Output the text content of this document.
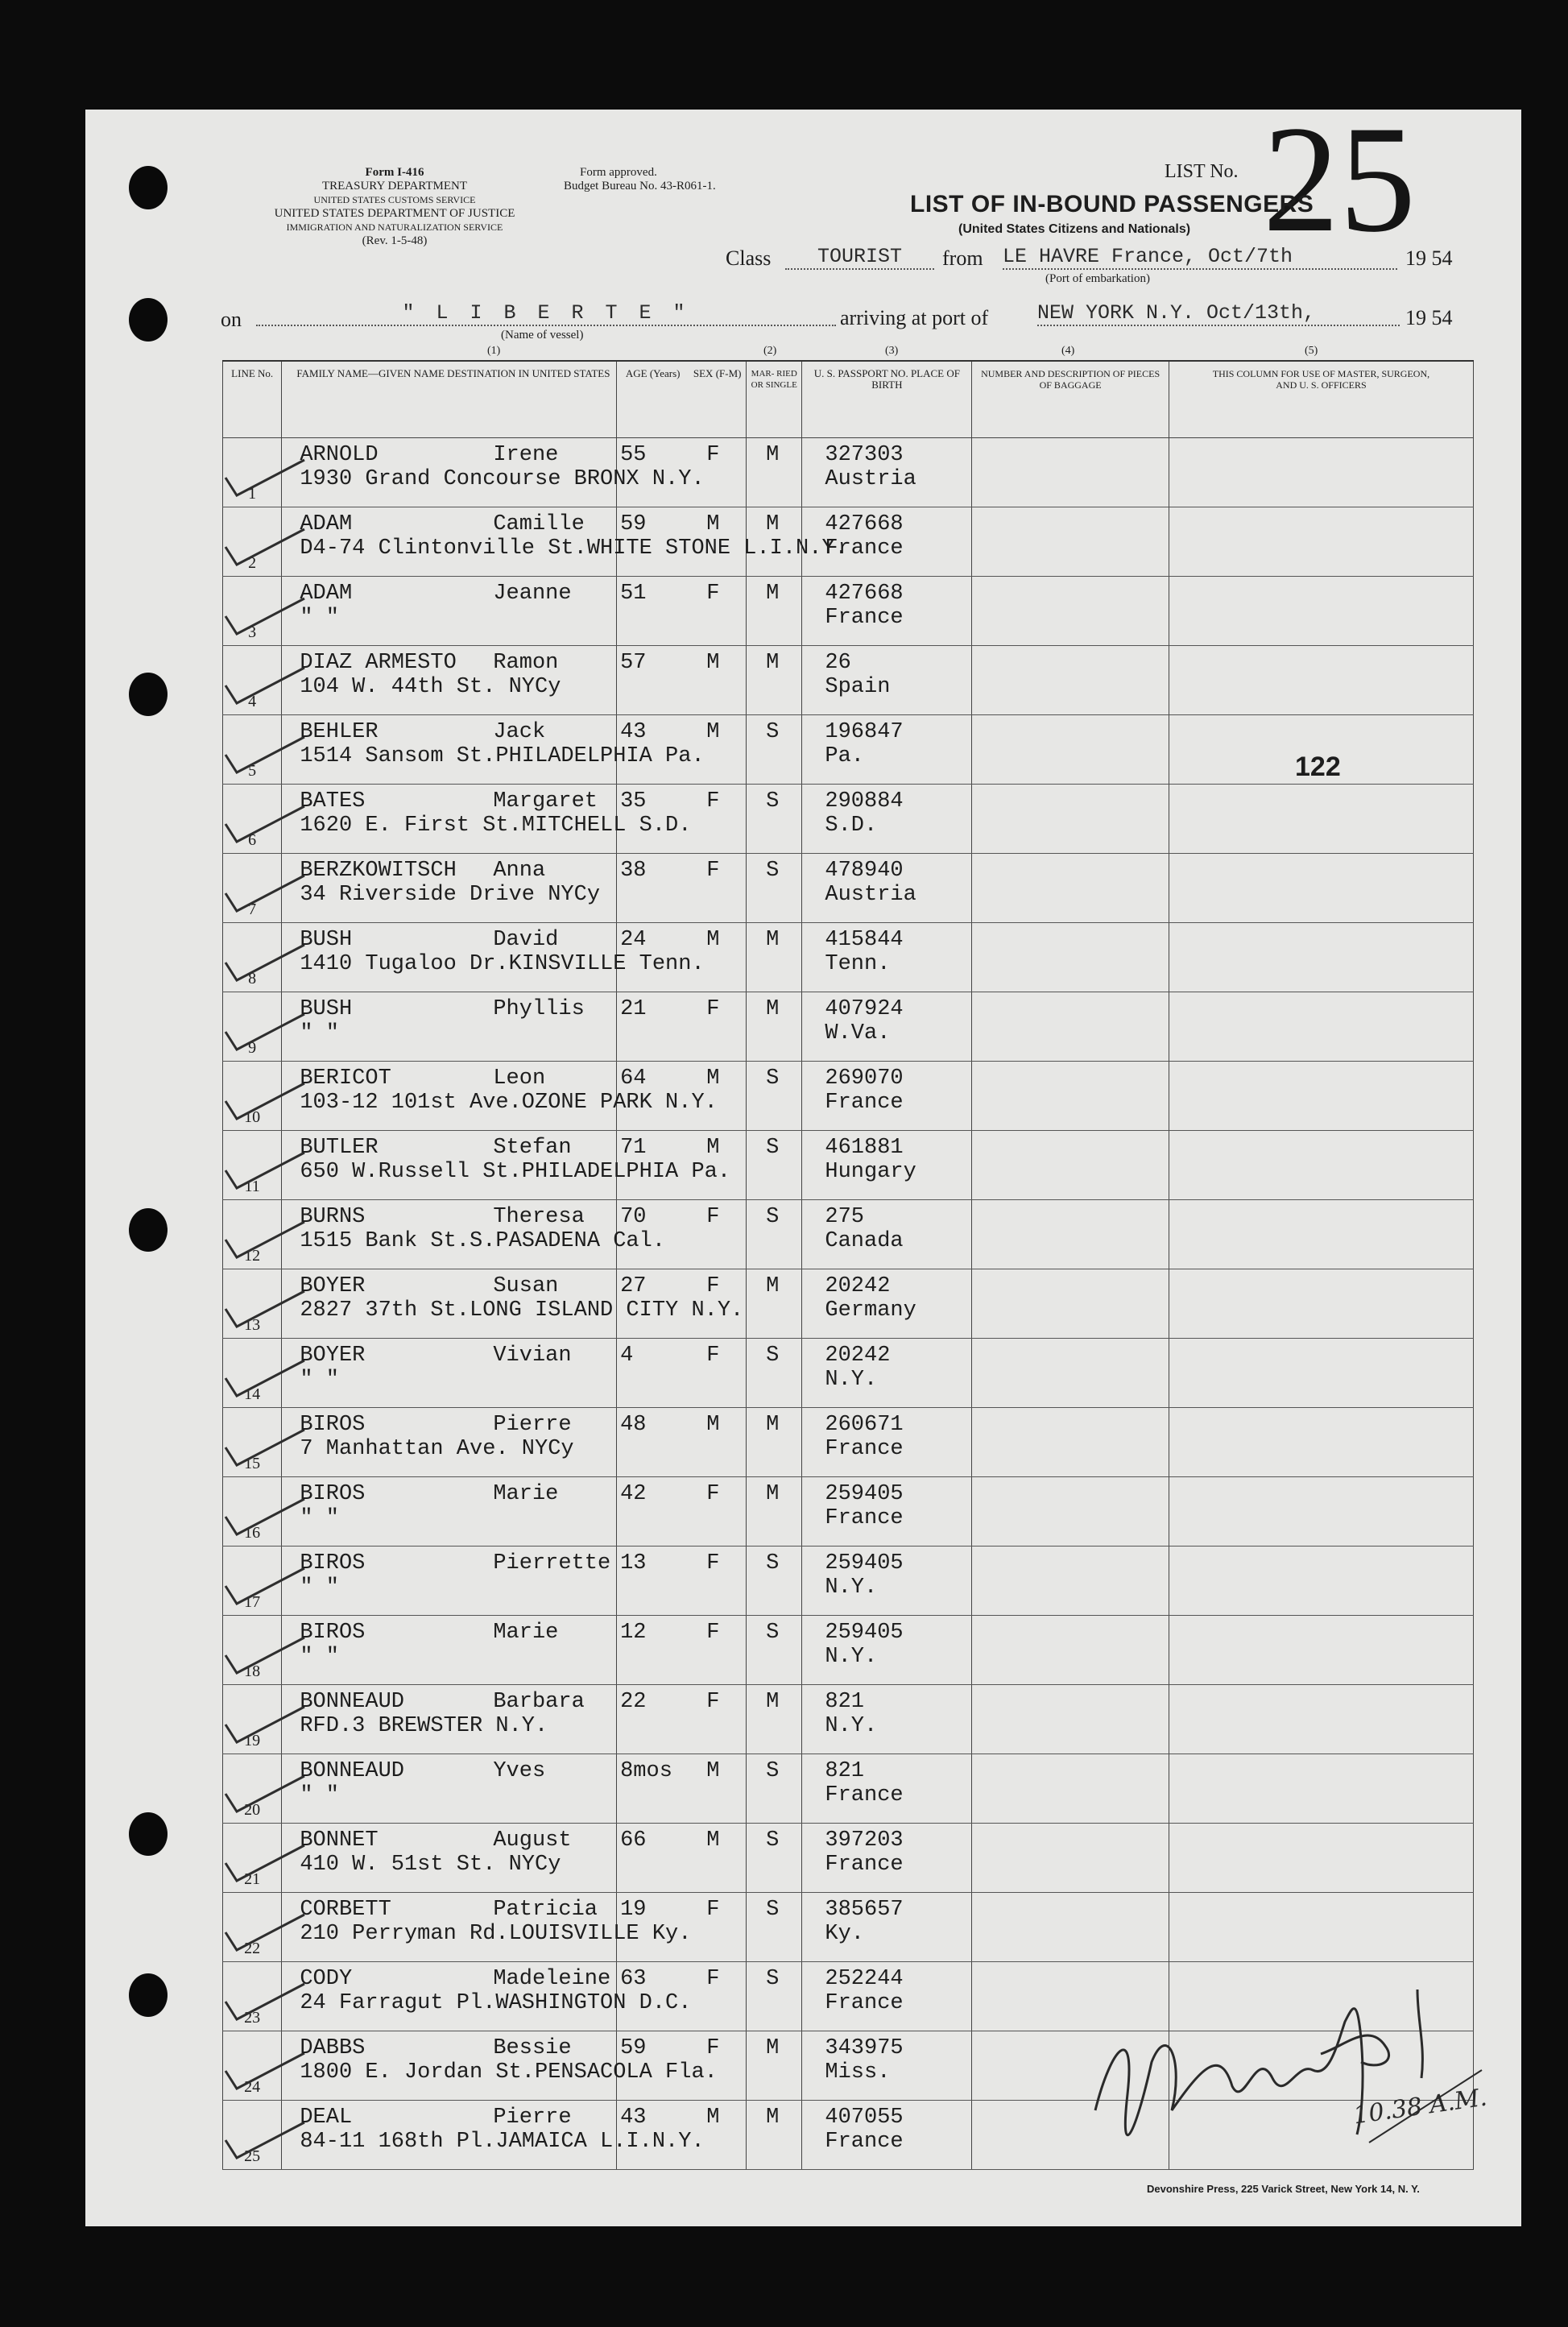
Form I-416
TREASURY DEPARTMENT
UNITED STATES CUSTOMS SERVICE
UNITED STATES DEPARTMENT OF JUSTICE
IMMIGRATION AND NATURALIZATION SERVICE
(Rev. 1-5-48)
Form approved.
Budget Bureau No. 43-R061-1.
LIST No. 25
LIST OF IN-BOUND PASSENGERS
(United States Citizens and Nationals)
Class	TOURIST	from LE HAVRE France, Oct/7th	19 54
(Port of embarkation)
on	" L I B E R T E "
(Name of vessel)
arriving at port of NEW YORK N.Y. Oct/13th,	19 54
(1)	(2)	(3)	(4)	(5)
LINE No.	FAMILY NAME—GIVEN NAME DESTINATION IN UNITED STATES	AGE (Years)	SEX (F-M)	MAR- RIED OR SINGLE	U. S. PASSPORT NO. PLACE OF BIRTH	NUMBER AND DESCRIPTION OF PIECES OF BAGGAGE	THIS COLUMN FOR USE OF MASTER, SURGEON, AND U. S. OFFICERS

1	ARNOLD Irene
1930 Grand Concourse BRONX N.Y.	55	F	M	327303
Austria		

2	ADAM Camille
D4-74 Clintonville St.WHITE STONE L.I.N.Y.	59	M	M	427668
France		

3	ADAM Jeanne
" "	51	F	M	427668
France		

4	DIAZ ARMESTO Ramon
104 W. 44th St. NYCy	57	M	M	26
Spain		

5	BEHLER Jack
1514 Sansom St.PHILADELPHIA Pa.	43	M	S	196847
Pa.		

6	BATES Margaret
1620 E. First St.MITCHELL S.D.	35	F	S	290884
S.D.		

7	BERZKOWITSCH Anna
34 Riverside Drive NYCy	38	F	S	478940
Austria		

8	BUSH David
1410 Tugaloo Dr.KINSVILLE Tenn.	24	M	M	415844
Tenn.		

9	BUSH Phyllis
" "	21	F	M	407924
W.Va.		

10	BERICOT Leon
103-12 101st Ave.OZONE PARK N.Y.	64	M	S	269070
France		

11	BUTLER Stefan
650 W.Russell St.PHILADELPHIA Pa.	71	M	S	461881
Hungary		

12	BURNS Theresa
1515 Bank St.S.PASADENA Cal.	70	F	S	275
Canada		

13	BOYER Susan
2827 37th St.LONG ISLAND CITY N.Y.	27	F	M	20242
Germany		

14	BOYER Vivian
" "	4	F	S	20242
N.Y.		

15	BIROS Pierre
7 Manhattan Ave. NYCy	48	M	M	260671
France		

16	BIROS Marie
" "	42	F	M	259405
France		

17	BIROS Pierrette
" "	13	F	S	259405
N.Y.		

18	BIROS Marie
" "	12	F	S	259405
N.Y.		

19	BONNEAUD Barbara
RFD.3 BREWSTER N.Y.	22	F	M	821
N.Y.		

20	BONNEAUD Yves
" "	8mos	M	S	821
France		

21	BONNET August
410 W. 51st St. NYCy	66	M	S	397203
France		

22	CORBETT Patricia
210 Perryman Rd.LOUISVILLE Ky.	19	F	S	385657
Ky.		

23	CODY Madeleine
24 Farragut Pl.WASHINGTON D.C.	63	F	S	252244
France		

24	DABBS Bessie
1800 E. Jordan St.PENSACOLA Fla.	59	F	M	343975
Miss.		

25	DEAL Pierre
84-11 168th Pl.JAMAICA L.I.N.Y.	43	M	M	407055
France		

122
10.38 A.M.
Devonshire Press, 225 Varick Street, New York 14, N. Y.
